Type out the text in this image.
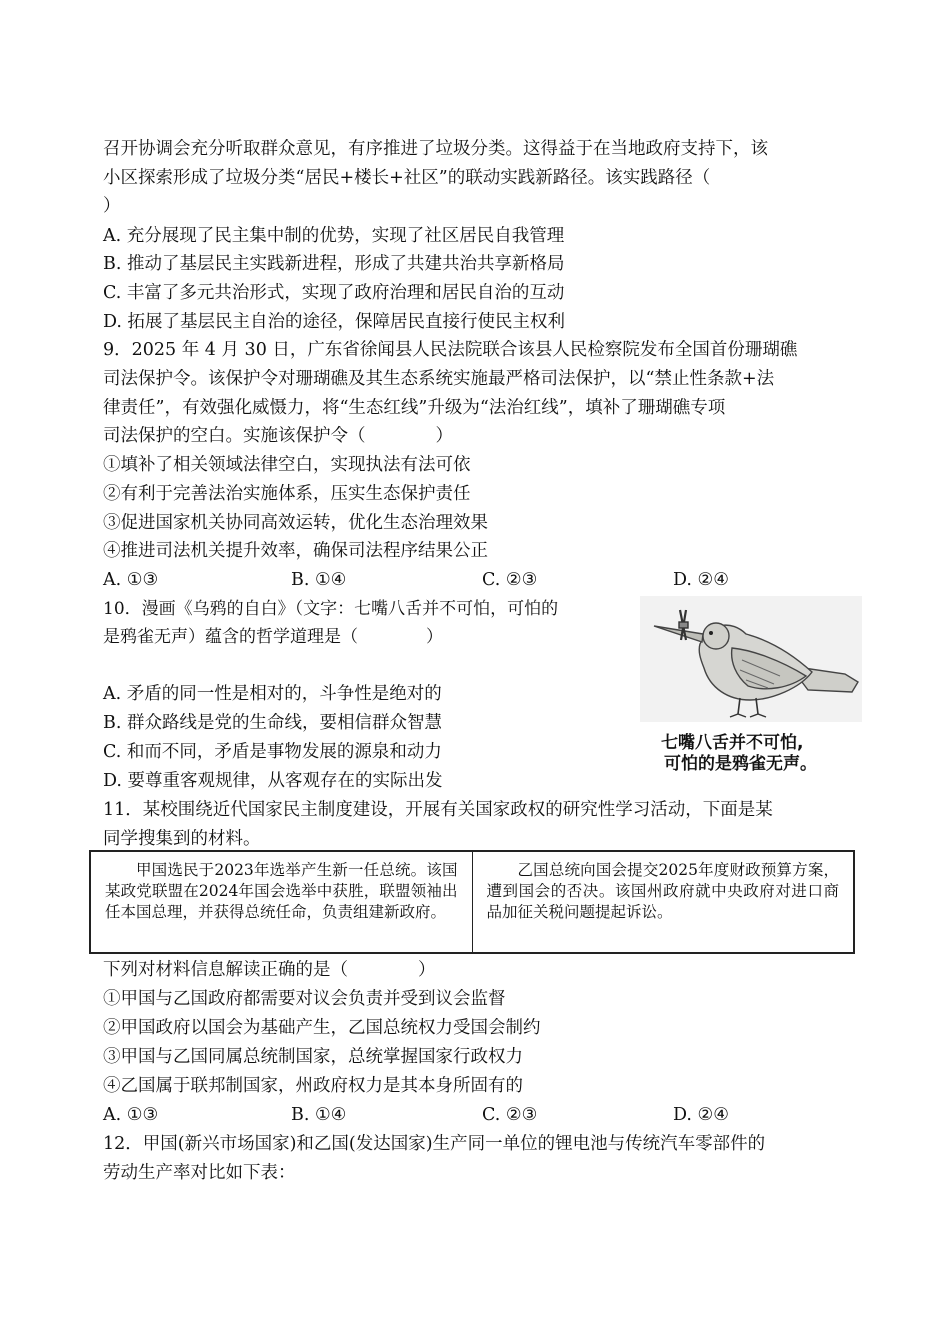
召开协调会充分听取群众意见，有序推进了垃圾分类。这得益于在当地政府支持下，该
小区探索形成了垃圾分类“居民+楼长+社区”的联动实践新路径。该实践路径（
）
A. 充分展现了民主集中制的优势，实现了社区居民自我管理
B. 推动了基层民主实践新进程，形成了共建共治共享新格局
C. 丰富了多元共治形式，实现了政府治理和居民自治的互动
D. 拓展了基层民主自治的途径，保障居民直接行使民主权利
9．2025 年 4 月 30 日，广东省徐闻县人民法院联合该县人民检察院发布全国首份珊瑚礁
司法保护令。该保护令对珊瑚礁及其生态系统实施最严格司法保护，以“禁止性条款+法
律责任”，有效强化威慑力，将“生态红线”升级为“法治红线”，填补了珊瑚礁专项
司法保护的空白。实施该保护令（　　　　）
①填补了相关领域法律空白，实现执法有法可依
②有利于完善法治实施体系，压实生态保护责任
③促进国家机关协同高效运转，优化生态治理效果
④推进司法机关提升效率，确保司法程序结果公正
A. ①③	B. ①④	C. ②③	D. ②④
10．漫画《乌鸦的自白》（文字：七嘴八舌并不可怕，可怕的
是鸦雀无声）蕴含的哲学道理是（　　　　）
A. 矛盾的同一性是相对的，斗争性是绝对的
B. 群众路线是党的生命线，要相信群众智慧
C. 和而不同，矛盾是事物发展的源泉和动力
D. 要尊重客观规律，从客观存在的实际出发
七嘴八舌并不可怕,
可怕的是鸦雀无声。
11．某校围绕近代国家民主制度建设，开展有关国家政权的研究性学习活动，下面是某
同学搜集到的材料。
甲国选民于2023年选举产生新一任总统。该国某政党联盟在2024年国会选举中获胜，联盟领袖出任本国总理，并获得总统任命，负责组建新政府。
乙国总统向国会提交2025年度财政预算方案，遭到国会的否决。该国州政府就中央政府对进口商品加征关税问题提起诉讼。
下列对材料信息解读正确的是（　　　　）
①甲国与乙国政府都需要对议会负责并受到议会监督
②甲国政府以国会为基础产生，乙国总统权力受国会制约
③甲国与乙国同属总统制国家，总统掌握国家行政权力
④乙国属于联邦制国家，州政府权力是其本身所固有的
A. ①③	B. ①④	C. ②③	D. ②④
12．甲国(新兴市场国家)和乙国(发达国家)生产同一单位的锂电池与传统汽车零部件的
劳动生产率对比如下表：
